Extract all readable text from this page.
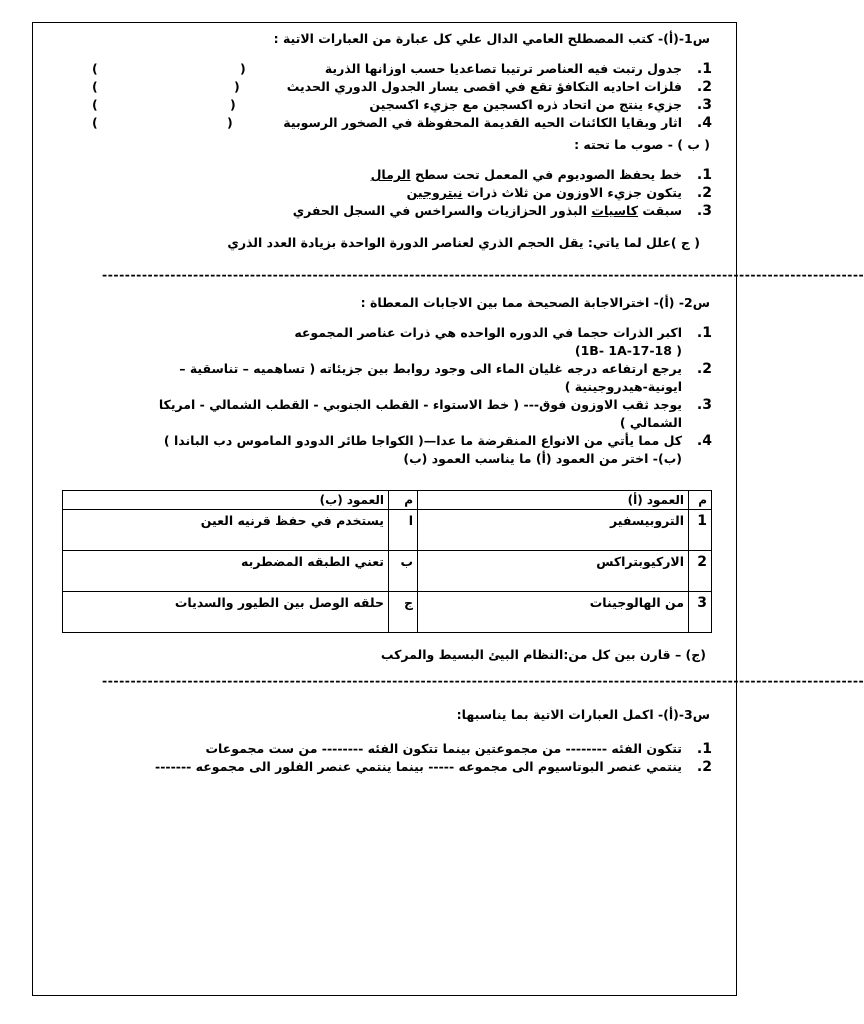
س1-(أ)- كتب المصطلح العامي الدال علي كل عبارة من العبارات الاتية :
1.
جدول رتبت فيه العناصر ترتيبا تصاعديا حسب اوزانها الذرية
(
)
2.
فلزات احاديه التكافؤ تقع في اقصى يسار الجدول الدوري الحديث
(
)
3.
جزيء ينتج من اتحاد ذره اكسجين مع جزيء اكسجين
(
)
4.
اثار وبقايا الكائنات الحيه القديمة المحفوظة في الصخور الرسوبية
(
)
( ب ) - صوب ما تحته :
1.
خط يحفظ الصوديوم في المعمل تحت سطح الرمال
2.
يتكون جزيء الاوزون من ثلاث ذرات نيتروجين
3.
سبقت كاسيات البذور الحزازيات والسراخس في السجل الحفري
( ج )علل لما ياتي: يقل الحجم الذري لعناصر الدورة الواحدة بزيادة العدد الذري
--------------------------------------------------------------------------------------------------------------------------------------
س2- (أ)- اخترالاجابة الصحيحة مما بين الاجابات المعطاة :
1.
اكبر الذرات حجما في الدوره الواحده هي ذرات عناصر المجموعه
( 1B- 1A-17-18)
2.
يرجع ارتفاعه درجه غليان الماء الى وجود روابط بين جزيئاته ( تساهميه – تناسقية –
ايونية-هيدروجينية )
3.
يوجد ثقب الاوزون فوق--- ( خط الاستواء - القطب الجنوبي - القطب الشمالي - امريكا
الشمالي )
4.
كل مما يأتي من الانواع المنقرضة ما عدا—( الكواجا طائر الدودو الماموس دب الباندا )
(ب)- اختر من العمود (أ) ما يناسب العمود (ب)
م	العمود (أ)	م	العمود (ب)
1	التروبيسفير	ا	يستخدم في حفظ قرنيه العين
2	الاركيوبتراكس	ب	تعني الطبقه المضطربه
3	من الهالوجينات	ج	حلقه الوصل بين الطيور والسديات
(ج) – قارن بين كل من:النظام البيئ البسيط والمركب
--------------------------------------------------------------------------------------------------------------------------------------
س3-(أ)- اكمل العبارات الاتية بما يناسبها:
1.
تتكون الفئه -------- من مجموعتين بينما تتكون الفئه -------- من ست مجموعات
2.
ينتمي عنصر البوتاسيوم الى مجموعه ----- بينما ينتمي عنصر الفلور الى مجموعه -------
